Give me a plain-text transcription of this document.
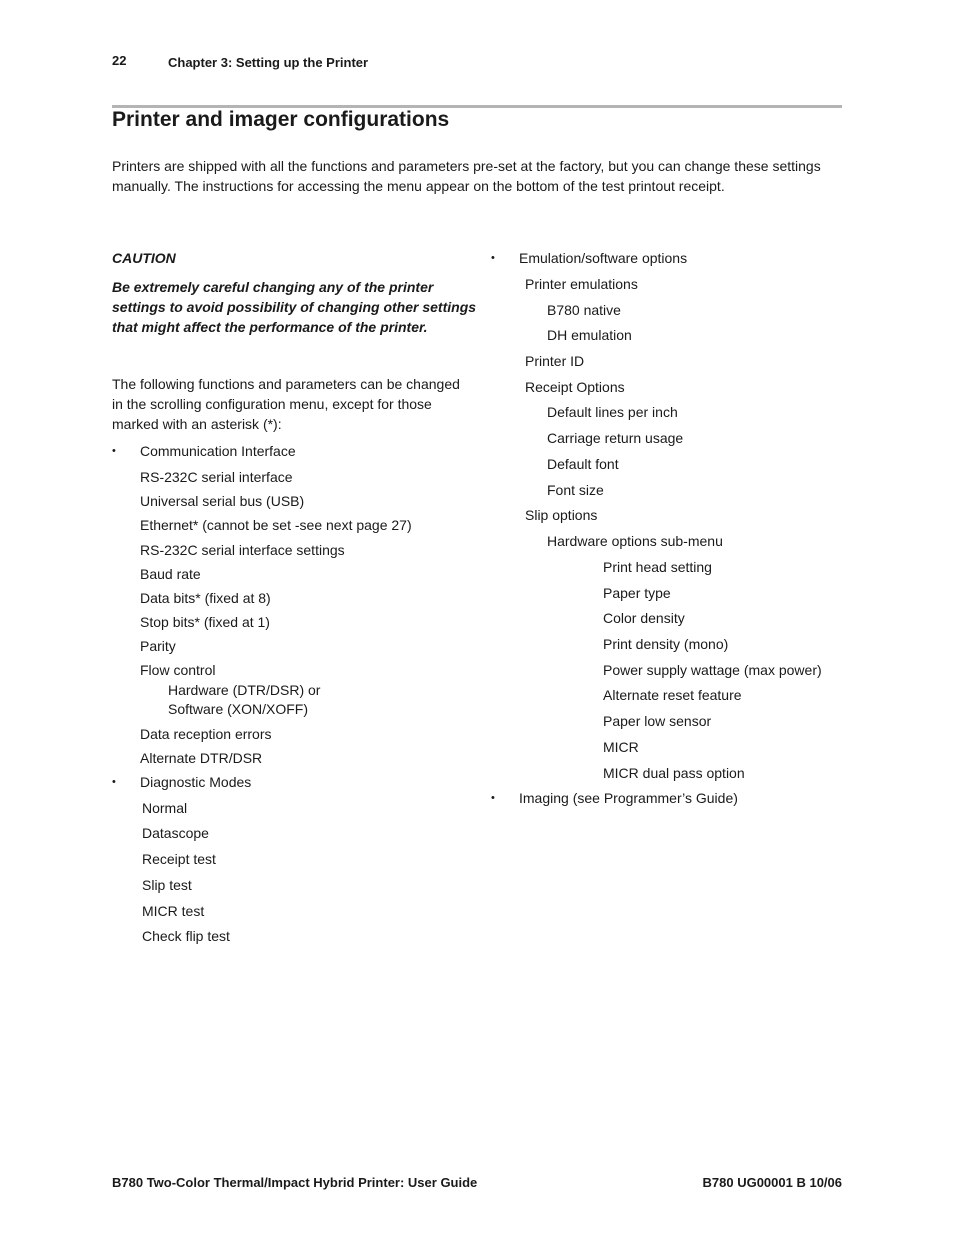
22	Chapter 3: Setting up the Printer
Printer and imager configurations
Printers are shipped with all the functions and parameters pre-set at the factory, but you can change these settings
manually. The instructions for accessing the menu appear on the bottom of the test printout receipt.
CAUTION
Be extremely careful changing any of the printer
settings to avoid possibility of changing other settings
that might affect the performance of the printer.
The following functions and parameters can be changed
in the scrolling configuration menu, except for those
marked with an asterisk (*):
• Communication Interface
RS-232C serial interface
Universal serial bus (USB)
Ethernet* (cannot be set -see next page 27)
RS-232C serial interface settings
Baud rate
Data bits* (fixed at 8)
Stop bits* (fixed at 1)
Parity
Flow control
Hardware (DTR/DSR) or
Software (XON/XOFF)
Data reception errors
Alternate DTR/DSR
• Diagnostic Modes
Normal
Datascope
Receipt test
Slip test
MICR test
Check flip test
• Emulation/software options
Printer emulations
B780 native
DH emulation
Printer ID
Receipt Options
Default lines per inch
Carriage return usage
Default font
Font size
Slip options
Hardware options sub-menu
Print head setting
Paper type
Color density
Print density (mono)
Power supply wattage (max power)
Alternate reset feature
Paper low sensor
MICR
MICR dual pass option
• Imaging (see Programmer’s Guide)
B780 Two-Color Thermal/Impact Hybrid Printer: User Guide	B780 UG00001 B 10/06
